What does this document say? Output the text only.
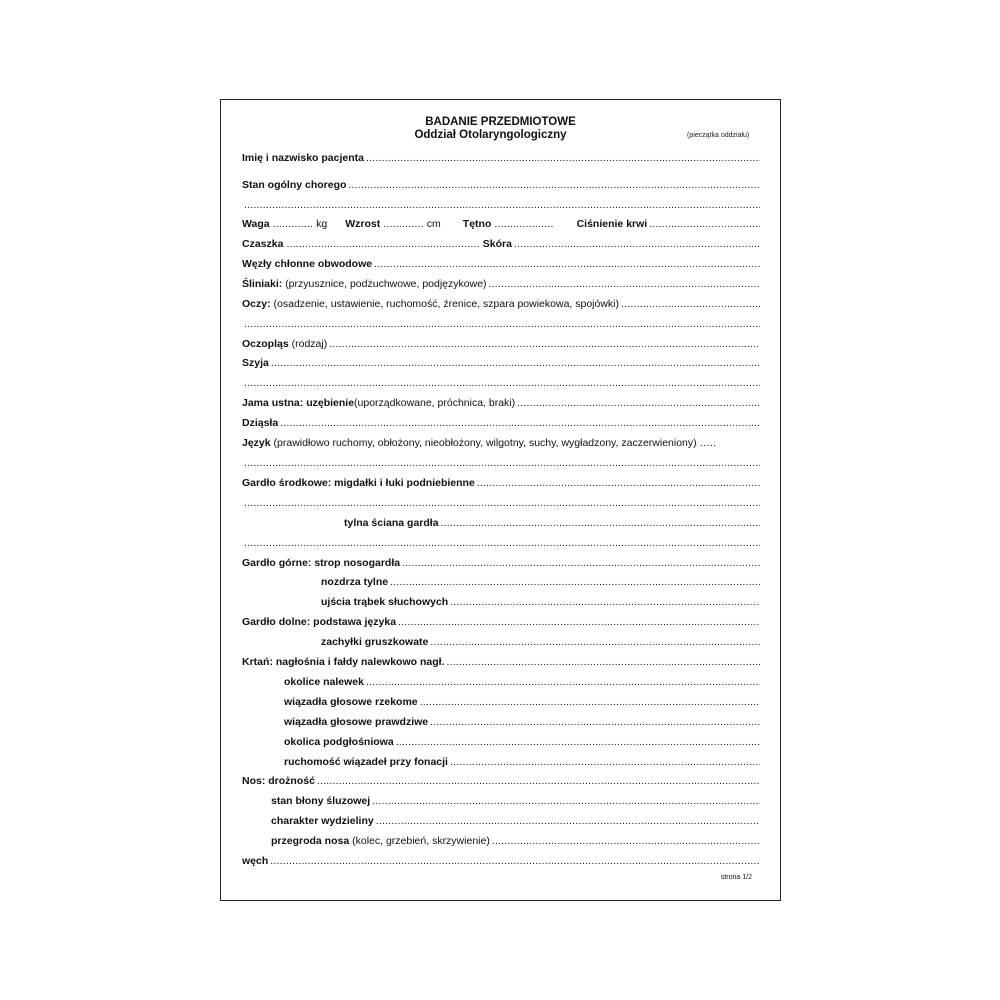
BADANIE PRZEDMIOTOWE
Oddział Otolaryngologiczny	(pieczątka oddziału)
Imię i nazwisko pacjenta
.....
Stan ogólny chorego
.....
.....
Waga ............. kg Wzrost ............. cm Tętno ................... Ciśnienie krwi
.....
Czaszka .............................................................. Skóra
.....
Węzły chłonne obwodowe
.....
Śliniaki:
(przyusznice, podżuchwowe, podjęzykowe)
.....
Oczy:
(osadzenie, ustawienie, ruchomość, źrenice, szpara powiekowa, spojówki)
.....
.....
Oczopląs
(rodzaj)
.....
Szyja
.....
.....
Jama ustna: uzębienie (uporządkowane, próchnica, braki)
.....
Dziąsła
.....
Język
(prawidłowo ruchomy, obłożony, nieobłożony, wilgotny, suchy, wygładzony, zaczerwieniony) …..
.....
Gardło środkowe: migdałki i łuki podniebienne
.....
.....
tylna ściana gardła
.....
.....
Gardło górne: strop nosogardła
.....
nozdrza tylne
.....
ujścia trąbek słuchowych
.....
Gardło dolne: podstawa języka
.....
zachyłki gruszkowate
.....
Krtań: nagłośnia i fałdy nalewkowo nagł.
.....
okolice nalewek
.....
wiązadła głosowe rzekome
.....
wiązadła głosowe prawdziwe
.....
okolica podgłośniowa
.....
ruchomość wiązadeł przy fonacji
.....
Nos: drożność
.....
stan błony śluzowej
.....
charakter wydzieliny
.....
przegroda nosa
(kolec, grzebień, skrzywienie)
.....
węch
.....
strona 1/2
